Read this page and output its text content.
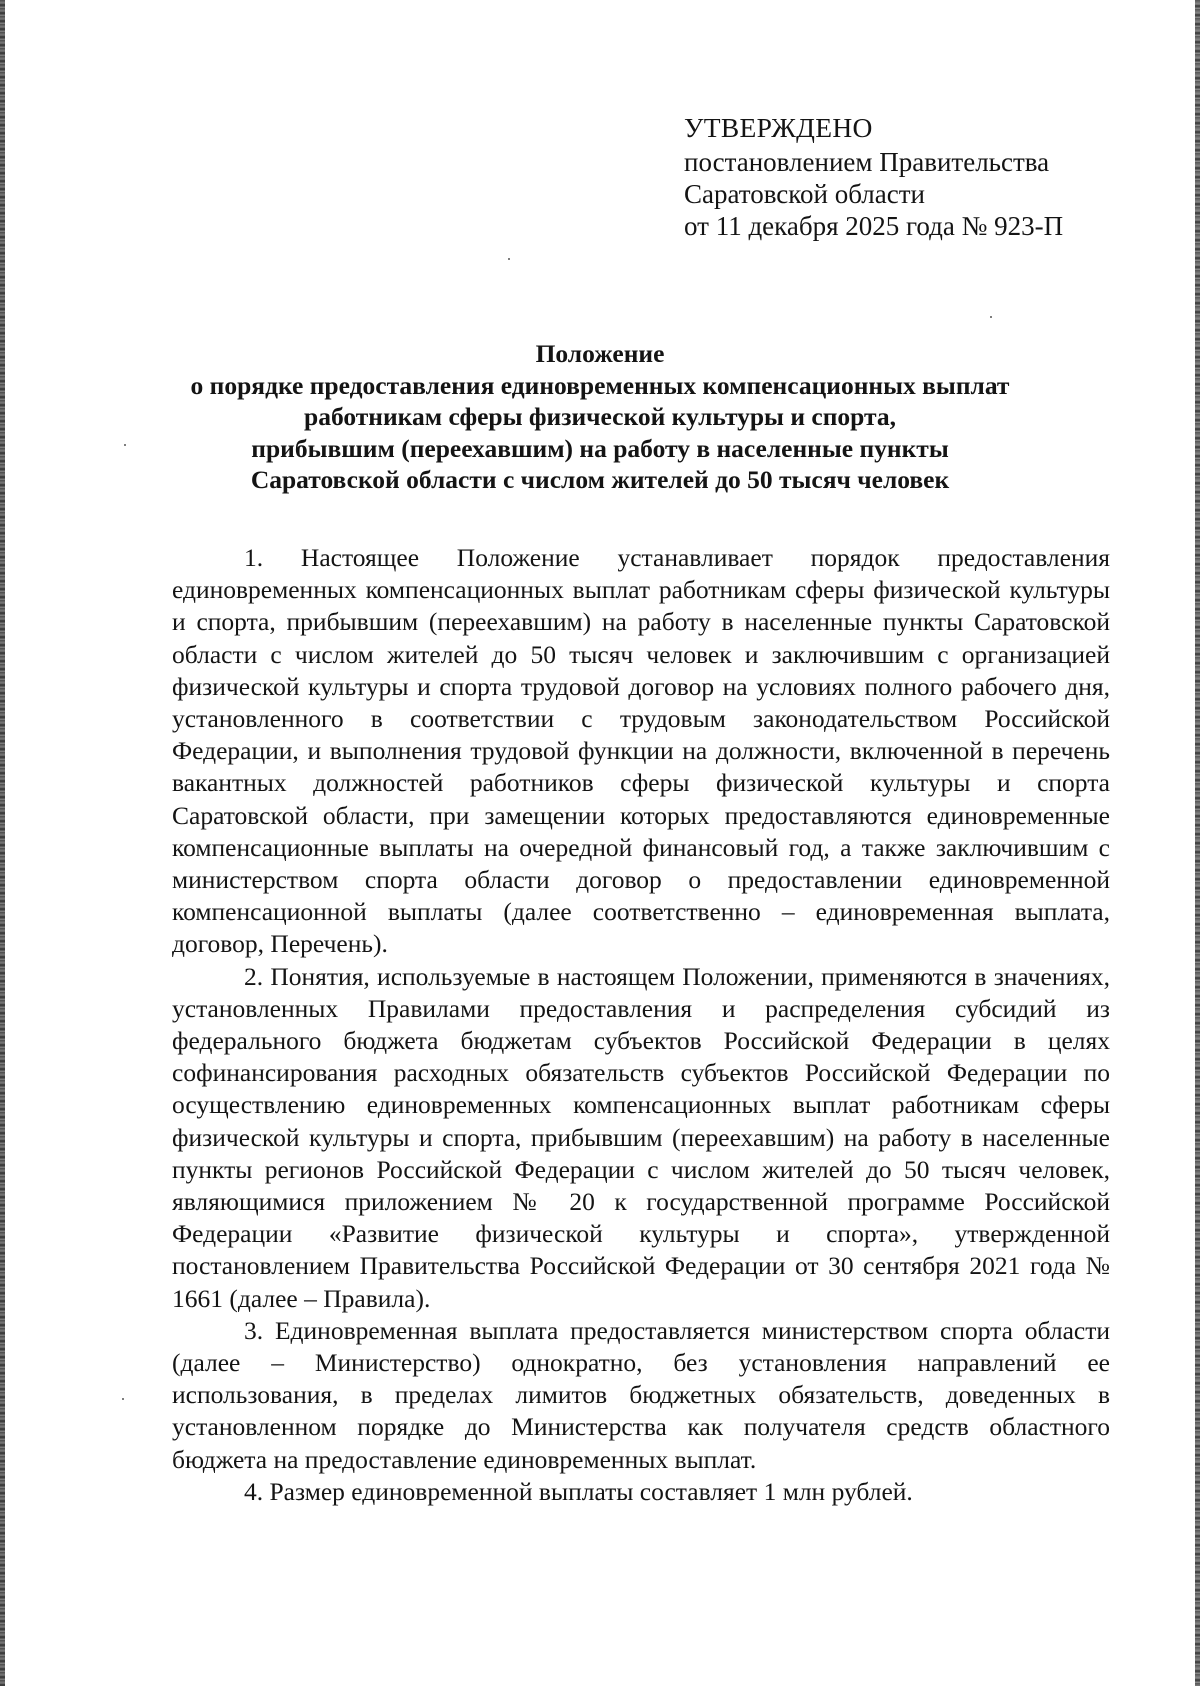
УТВЕРЖДЕНО
постановлением Правительства
Саратовской области
от 11 декабря 2025 года № 923-П
Положение
о порядке предоставления единовременных компенсационных выплат
работникам сферы физической культуры и спорта,
прибывшим (переехавшим) на работу в населенные пункты
Саратовской области с числом жителей до 50 тысяч человек

1. Настоящее Положение устанавливает порядок предоставления единовременных компенсационных выплат работникам сферы физической культуры и спорта, прибывшим (переехавшим) на работу в населенные пункты Саратовской области с числом жителей до 50 тысяч человек и заключившим с организацией физической культуры и спорта трудовой договор на условиях полного рабочего дня, установленного в соответствии с трудовым законодательством Российской Федерации, и выполнения трудовой функции на должности, включенной в перечень вакантных должностей работников сферы физической культуры и спорта Саратовской области, при замещении которых предоставляются единовременные компенсационные выплаты на очередной финансовый год, а также заключившим с министерством спорта области договор о предоставлении единовременной компенсационной выплаты (далее соответственно – единовременная выплата, договор, Перечень).

2. Понятия, используемые в настоящем Положении, применяются в значениях, установленных Правилами предоставления и распределения субсидий из федерального бюджета бюджетам субъектов Российской Федерации в целях софинансирования расходных обязательств субъектов Российской Федерации по осуществлению единовременных компенсационных выплат работникам сферы физической культуры и спорта, прибывшим (переехавшим) на работу в населенные пункты регионов Российской Федерации с числом жителей до 50 тысяч человек, являющимися приложением № 20 к государственной программе Российской Федерации «Развитие физической культуры и спорта», утвержденной постановлением Правительства Российской Федерации от 30 сентября 2021 года № 1661 (далее – Правила).

3. Единовременная выплата предоставляется министерством спорта области (далее – Министерство) однократно, без установления направлений ее использования, в пределах лимитов бюджетных обязательств, доведенных в установленном порядке до Министерства как получателя средств областного бюджета на предоставление единовременных выплат.

4. Размер единовременной выплаты составляет 1 млн рублей.
